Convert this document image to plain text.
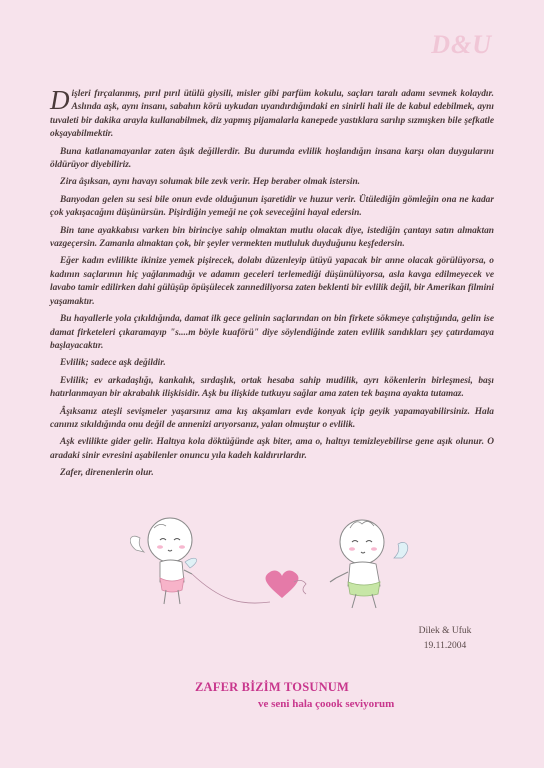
D&U

Dişleri fırçalanmış, pırıl pırıl ütülü giysili, misler gibi parfüm kokulu, saçları taralı adamı sevmek kolaydır. Aslında aşk, aynı insanı, sabahın körü uykudan uyandırdığındaki en sinirli hali ile de kabul edebilmek, aynı tuvaleti bir dakika arayla kullanabilmek, diz yapmış pijamalarla kanepede yastıklara sarılıp sızmışken bile şefkatle okşayabilmektir.

Buna katlanamayanlar zaten âşık değillerdir. Bu durumda evlilik hoşlandığın insana karşı olan duygularını öldürüyor diyebiliriz.

Zira âşıksan, aynı havayı solumak bile zevk verir. Hep beraber olmak istersin.

Banyodan gelen su sesi bile onun evde olduğunun işaretidir ve huzur verir. Ütülediğin gömleğin ona ne kadar çok yakışacağını düşünürsün. Pişirdiğin yemeği ne çok seveceğini hayal edersin.

Bin tane ayakkabısı varken bin birinciye sahip olmaktan mutlu olacak diye, istediğin çantayı satın almaktan vazgeçersin. Zamanla almaktan çok, bir şeyler vermekten mutluluk duyduğunu keşfedersin.

Eğer kadın evlilikte ikinize yemek pişirecek, dolabı düzenleyip ütüyü yapacak bir anne olacak görülüyorsa, o kadının saçlarının hiç yağlanmadığı ve adamın geceleri terlemediği düşünülüyorsa, asla kavga edilmeyecek ve lavabo tamir edilirken dahi gülüşüp öpüşülecek zannediliyorsa zaten beklenti bir evlilik değil, bir Amerikan filmini yaşamaktır.

Bu hayallerle yola çıkıldığında, damat ilk gece gelinin saçlarından on bin firkete sökmeye çalıştığında, gelin ise damat firketeleri çıkaramayıp "s....m böyle kuaförü" diye söylendiğinde zaten evlilik sandıkları şey çatırdamaya başlayacaktır.

Evlilik; sadece aşk değildir.

Evlilik; ev arkadaşlığı, kankalık, sırdaşlık, ortak hesaba sahip mudilik, ayrı kökenlerin birleşmesi, başı hatırlanmayan bir akrabalık ilişkisidir. Aşk bu ilişkide tutkuyu sağlar ama zaten tek başına ayakta tutamaz.

Âşıksanız ateşli sevişmeler yaşarsınız ama kış akşamları evde konyak içip geyik yapamayabilirsiniz. Hala canınız sıkıldığında onu değil de annenizi arıyorsanız, yalan olmuştur o evlilik.

Aşk evlilikte gider gelir. Haltıya kola döktüğünde aşk biter, ama o, haltıyı temizleyebilirse gene aşık olunur. O aradaki sinir evresini aşabilenler onuncu yıla kadeh kaldırırlardır.

Zafer, direnenlerin olur.

Dilek & Ufuk
19.11.2004
ZAFER BİZİM TOSUNUM
ve seni hala çoook seviyorum
